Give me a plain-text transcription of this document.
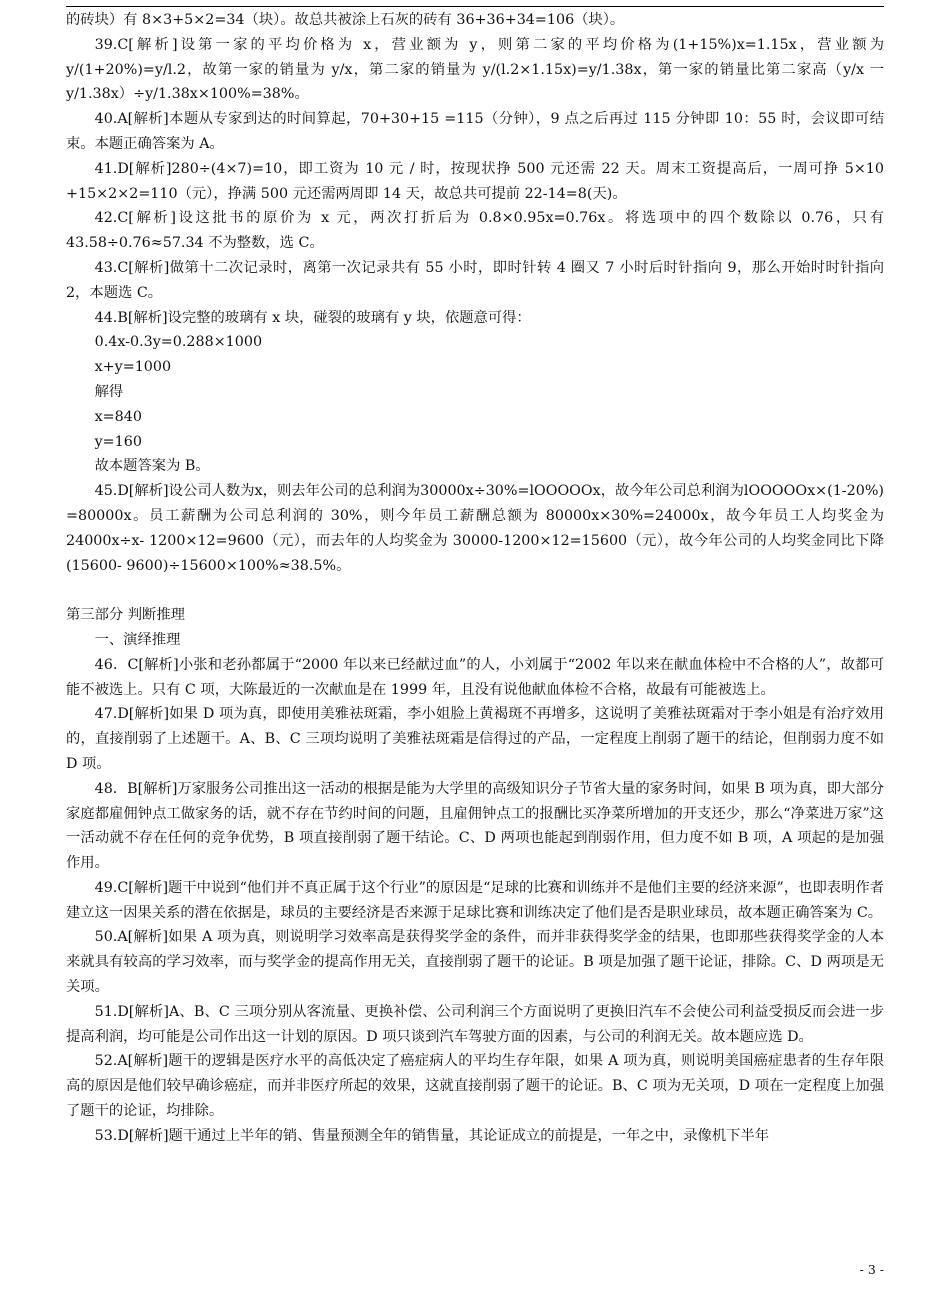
的砖块）有 8×3+5×2=34（块）。故总共被涂上石灰的砖有 36+36+34=106（块）。

39.C[解析]设第一家的平均价格为 x，营业额为 y，则第二家的平均价格为(1+15%)x=1.15x，营业额为 y/(1+20%)=y/l.2，故第一家的销量为 y/x，第二家的销量为 y/(l.2×1.15x)=y/1.38x，第一家的销量比第二家高（y/x 一 y/1.38x）÷y/1.38x×100%=38%。

40.A[解析]本题从专家到达的时间算起，70+30+15 =115（分钟），9 点之后再过 115 分钟即 10：55 时，会议即可结束。本题正确答案为 A。

41.D[解析]280÷(4×7)=10，即工资为 10 元 / 时，按现状挣 500 元还需 22 天。周末工资提高后，一周可挣 5×10 +15×2×2=110（元），挣满 500 元还需两周即 14 天，故总共可提前 22-14=8(天)。

42.C[解析]设这批书的原价为 x 元，两次打折后为 0.8×0.95x=0.76x。将选项中的四个数除以 0.76，只有 43.58÷0.76≈57.34 不为整数，选 C。

43.C[解析]做第十二次记录时，离第一次记录共有 55 小时，即时针转 4 圈又 7 小时后时针指向 9，那么开始时时针指向 2，本题选 C。

44.B[解析]设完整的玻璃有 x 块，碰裂的玻璃有 y 块，依题意可得：

0.4x-0.3y=0.288×1000

x+y=1000

解得

x=840

y=160

故本题答案为 B。

45.D[解析]设公司人数为x，则去年公司的总利润为30000x÷30%=lOOOOOx，故今年公司总利润为lOOOOOx×(1-20%) =80000x。员工薪酬为公司总利润的 30%，则今年员工薪酬总额为 80000x×30%=24000x，故今年员工人均奖金为 24000x÷x- 1200×12=9600（元），而去年的人均奖金为 30000-1200×12=15600（元），故今年公司的人均奖金同比下降(15600- 9600)÷15600×100%≈38.5%。

第三部分 判断推理

一、演绎推理

46．C[解析]小张和老孙都属于“2000 年以来已经献过血”的人，小刘属于“2002 年以来在献血体检中不合格的人”，故都可能不被选上。只有 C 项，大陈最近的一次献血是在 1999 年，且没有说他献血体检不合格，故最有可能被选上。

47.D[解析]如果 D 项为真，即使用美雅祛斑霜，李小姐脸上黄褐斑不再增多，这说明了美雅祛斑霜对于李小姐是有治疗效用的，直接削弱了上述题干。A、B、C 三项均说明了美雅祛斑霜是信得过的产品，一定程度上削弱了题干的结论，但削弱力度不如 D 项。

48．B[解析]万家服务公司推出这一活动的根据是能为大学里的高级知识分子节省大量的家务时间，如果 B 项为真，即大部分家庭都雇佣钟点工做家务的话，就不存在节约时间的问题，且雇佣钟点工的报酬比买净菜所增加的开支还少，那么“净菜进万家”这一活动就不存在任何的竞争优势，B 项直接削弱了题干结论。C、D 两项也能起到削弱作用，但力度不如 B 项，A 项起的是加强作用。

49.C[解析]题干中说到“他们并不真正属于这个行业”的原因是“足球的比赛和训练并不是他们主要的经济来源”，也即表明作者建立这一因果关系的潜在依据是，球员的主要经济是否来源于足球比赛和训练决定了他们是否是职业球员，故本题正确答案为 C。

50.A[解析]如果 A 项为真，则说明学习效率高是获得奖学金的条件，而并非获得奖学金的结果，也即那些获得奖学金的人本来就具有较高的学习效率，而与奖学金的提高作用无关，直接削弱了题干的论证。B 项是加强了题干论证，排除。C、D 两项是无关项。

51.D[解析]A、B、C 三项分别从客流量、更换补偿、公司利润三个方面说明了更换旧汽车不会使公司利益受损反而会进一步提高利润，均可能是公司作出这一计划的原因。D 项只谈到汽车驾驶方面的因素，与公司的利润无关。故本题应选 D。

52.A[解析]题干的逻辑是医疗水平的高低决定了癌症病人的平均生存年限，如果 A 项为真，则说明美国癌症患者的生存年限高的原因是他们较早确诊癌症，而并非医疗所起的效果，这就直接削弱了题干的论证。B、C 项为无关项，D 项在一定程度上加强了题干的论证，均排除。

53.D[解析]题干通过上半年的销、售量预测全年的销售量，其论证成立的前提是，一年之中，录像机下半年

- 3 -
